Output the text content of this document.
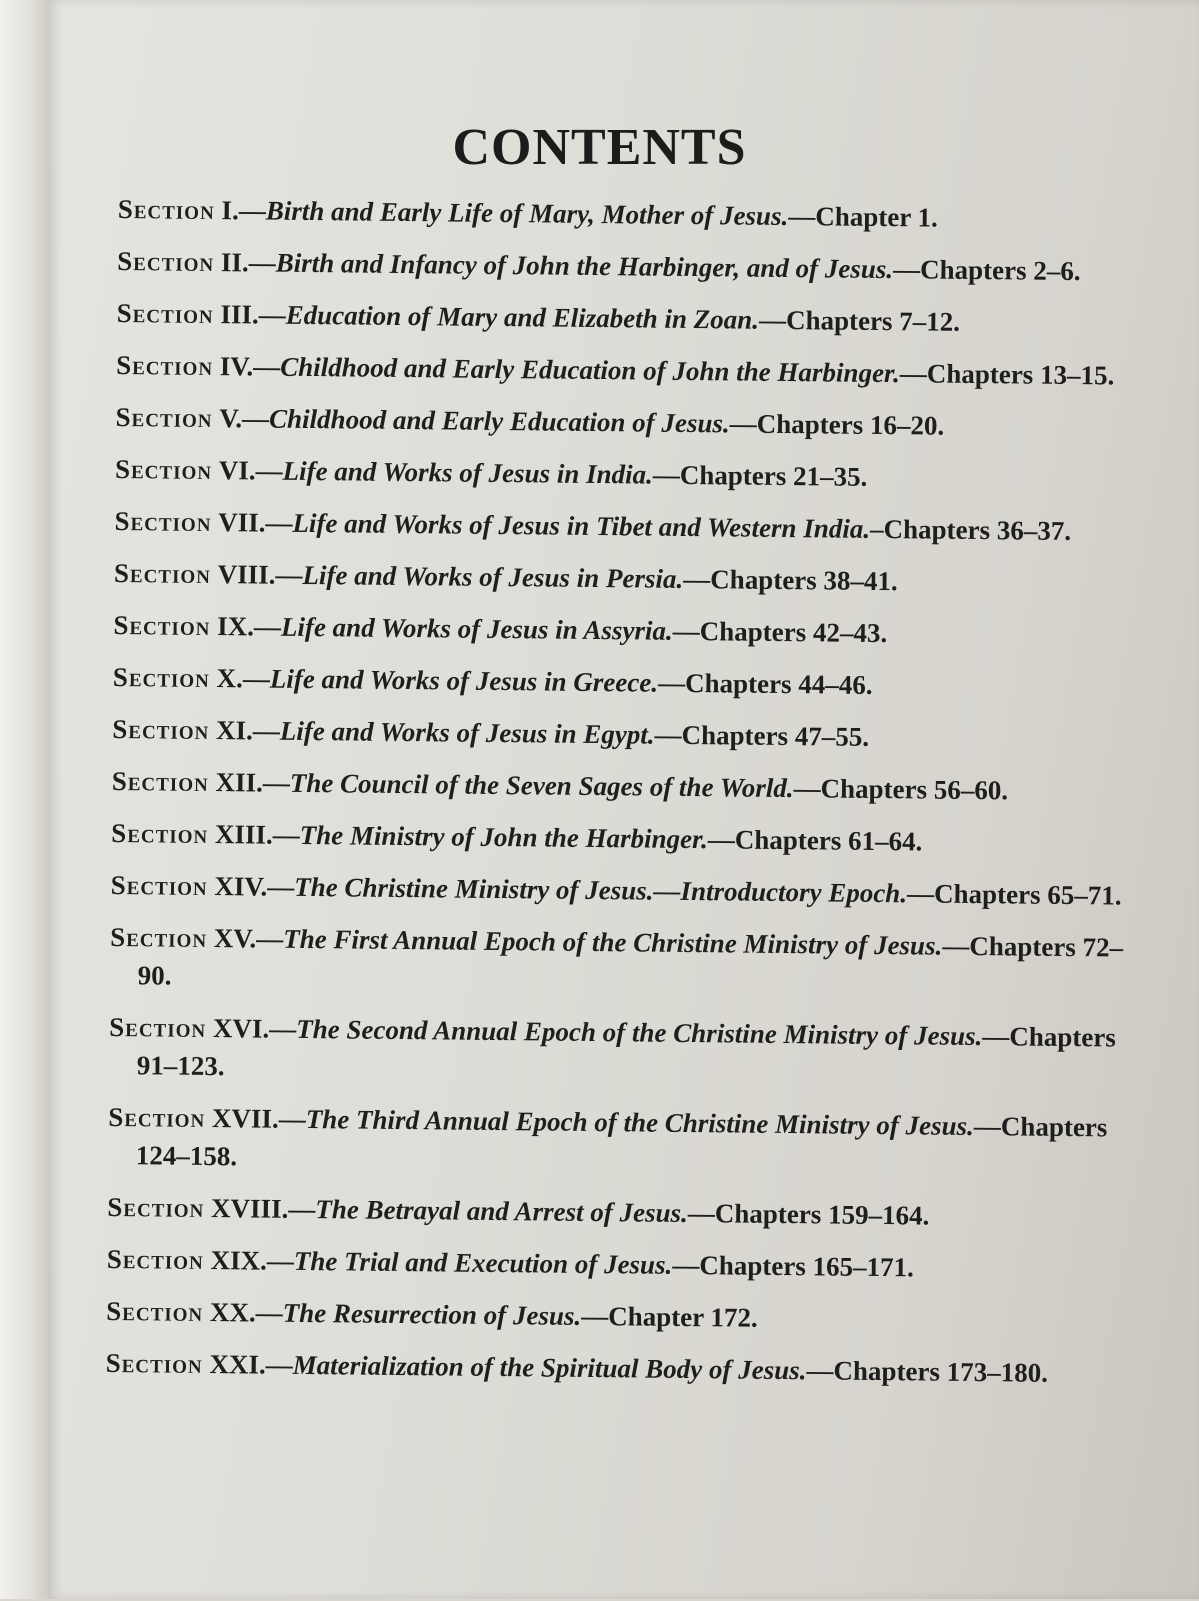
CONTENTS
Section I.—Birth and Early Life of Mary, Mother of Jesus.—Chapter 1.
Section II.—Birth and Infancy of John the Harbinger, and of Jesus.—Chapters 2–6.
Section III.—Education of Mary and Elizabeth in Zoan.—Chapters 7–12.
Section IV.—Childhood and Early Education of John the Harbinger.—Chapters 13–15.
Section V.—Childhood and Early Education of Jesus.—Chapters 16–20.
Section VI.—Life and Works of Jesus in India.—Chapters 21–35.
Section VII.—Life and Works of Jesus in Tibet and Western India.–Chapters 36–37.
Section VIII.—Life and Works of Jesus in Persia.—Chapters 38–41.
Section IX.—Life and Works of Jesus in Assyria.—Chapters 42–43.
Section X.—Life and Works of Jesus in Greece.—Chapters 44–46.
Section XI.—Life and Works of Jesus in Egypt.—Chapters 47–55.
Section XII.—The Council of the Seven Sages of the World.—Chapters 56–60.
Section XIII.—The Ministry of John the Harbinger.—Chapters 61–64.
Section XIV.—The Christine Ministry of Jesus.—Introductory Epoch.—Chapters 65–71.
Section XV.—The First Annual Epoch of the Christine Ministry of Jesus.—Chapters 72–90.
Section XVI.—The Second Annual Epoch of the Christine Ministry of Jesus.—Chapters 91–123.
Section XVII.—The Third Annual Epoch of the Christine Ministry of Jesus.—Chapters 124–158.
Section XVIII.—The Betrayal and Arrest of Jesus.—Chapters 159–164.
Section XIX.—The Trial and Execution of Jesus.—Chapters 165–171.
Section XX.—The Resurrection of Jesus.—Chapter 172.
Section XXI.—Materialization of the Spiritual Body of Jesus.—Chapters 173–180.
